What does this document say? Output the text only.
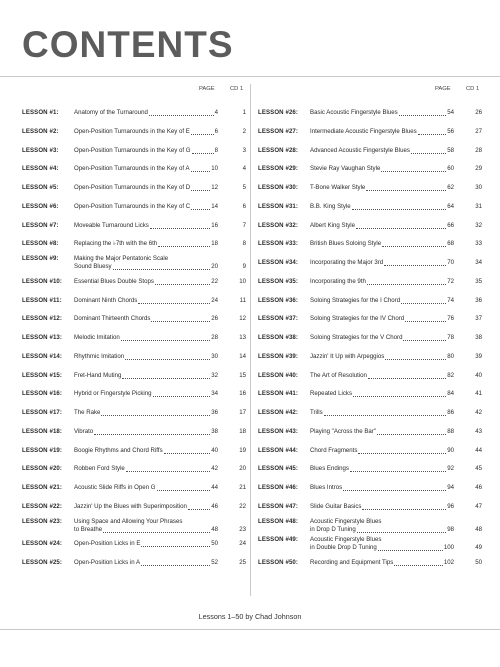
CONTENTS
PAGE	CD 1
LESSON #1:	Anatomy of the Turnaround	4	1
LESSON #2:	Open-Position Turnarounds in the Key of E	6	2
LESSON #3:	Open-Position Turnarounds in the Key of G	8	3
LESSON #4:	Open-Position Turnarounds in the Key of A	10	4
LESSON #5:	Open-Position Turnarounds in the Key of D	12	5
LESSON #6:	Open-Position Turnarounds in the Key of C	14	6
LESSON #7:	Moveable Turnaround Licks	16	7
LESSON #8:	Replacing the ♭7th with the 6th	18	8
LESSON #9:	Making the Major Pentatonic Scale
Sound Bluesy	20	9
LESSON #10: Essential Blues Double Stops	22	10
LESSON #11: Dominant Ninth Chords	24	11
LESSON #12: Dominant Thirteenth Chords	26	12
LESSON #13: Melodic Imitation	28	13
LESSON #14: Rhythmic Imitation	30	14
LESSON #15: Fret-Hand Muting	32	15
LESSON #16: Hybrid or Fingerstyle Picking	34	16
LESSON #17: The Rake	36	17
LESSON #18: Vibrato	38	18
LESSON #19: Boogie Rhythms and Chord Riffs	40	19
LESSON #20: Robben Ford Style	42	20
LESSON #21: Acoustic Slide Riffs in Open G	44	21
LESSON #22: Jazzin' Up the Blues with Superimposition	46	22
LESSON #23: Using Space and Allowing Your Phrases
to Breathe	48	23
LESSON #24: Open-Position Licks in E	50	24
LESSON #25: Open-Position Licks in A	52	25
PAGE	CD 1
LESSON #26: Basic Acoustic Fingerstyle Blues	54	26
LESSON #27: Intermediate Acoustic Fingerstyle Blues	56	27
LESSON #28: Advanced Acoustic Fingerstyle Blues	58	28
LESSON #29: Stevie Ray Vaughan Style	60	29
LESSON #30: T-Bone Walker Style	62	30
LESSON #31: B.B. King Style	64	31
LESSON #32: Albert King Style	66	32
LESSON #33: British Blues Soloing Style	68	33
LESSON #34: Incorporating the Major 3rd	70	34
LESSON #35: Incorporating the 9th	72	35
LESSON #36: Soloing Strategies for the I Chord	74	36
LESSON #37: Soloing Strategies for the IV Chord	76	37
LESSON #38: Soloing Strategies for the V Chord	78	38
LESSON #39: Jazzin' It Up with Arpeggios	80	39
LESSON #40: The Art of Resolution	82	40
LESSON #41: Repeated Licks	84	41
LESSON #42: Trills	86	42
LESSON #43: Playing "Across the Bar"	88	43
LESSON #44: Chord Fragments	90	44
LESSON #45: Blues Endings	92	45
LESSON #46: Blues Intros	94	46
LESSON #47: Slide Guitar Basics	96	47
LESSON #48: Acoustic Fingerstyle Blues
in Drop D Tuning	98	48
LESSON #49: Acoustic Fingerstyle Blues
in Double Drop D Tuning	100	49
LESSON #50: Recording and Equipment Tips	102	50
Lessons 1–50 by Chad Johnson
